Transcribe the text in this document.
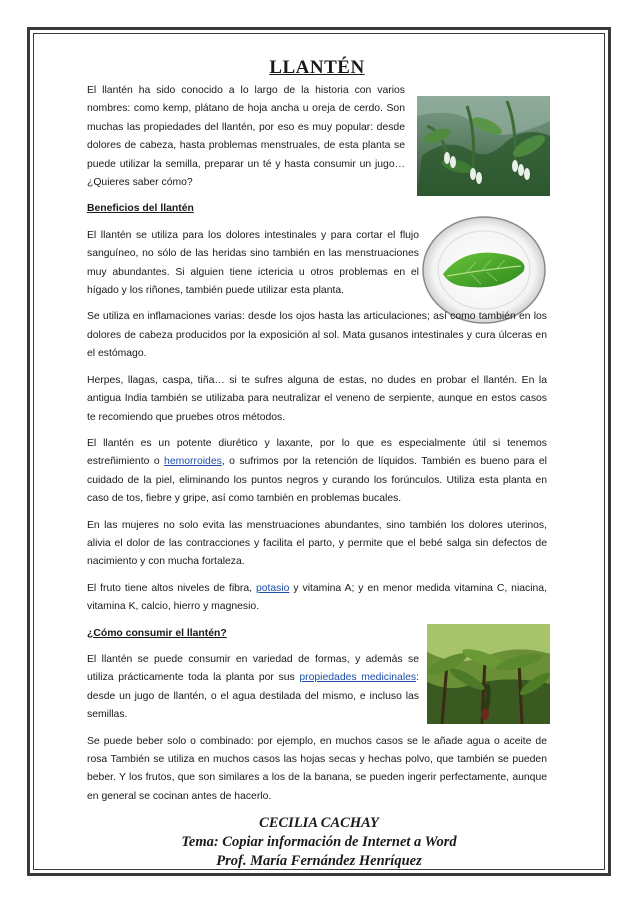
LLANTÉN

El llantén ha sido conocido a lo largo de la historia con varios nombres: como kemp, plátano de hoja ancha u oreja de cerdo. Son muchas las propiedades del llantén, por eso es muy popular: desde dolores de cabeza, hasta problemas menstruales, de esta planta se puede utilizar la semilla, preparar un té y hasta consumir un jugo… ¿Quieres saber cómo?

Beneficios del llantén

El llantén se utiliza para los dolores intestinales y para cortar el flujo sanguíneo, no sólo de las heridas sino también en las menstruaciones muy abundantes. Si alguien tiene ictericia u otros problemas en el hígado y los riñones, también puede utilizar esta planta.

Se utiliza en inflamaciones varias: desde los ojos hasta las articulaciones; así como también en los dolores de cabeza producidos por la exposición al sol. Mata gusanos intestinales y cura úlceras en el estómago.

Herpes, llagas, caspa, tiña… si te sufres alguna de estas, no dudes en probar el llantén. En la antigua India también se utilizaba para neutralizar el veneno de serpiente, aunque en estos casos te recomiendo que pruebes otros métodos.

El llantén es un potente diurético y laxante, por lo que es especialmente útil si tenemos estreñimiento o hemorroides, o sufrimos por la retención de líquidos. También es bueno para el cuidado de la piel, eliminando los puntos negros y curando los forúnculos. Utiliza esta planta en caso de tos, fiebre y gripe, así como también en problemas bucales.

En las mujeres no solo evita las menstruaciones abundantes, sino también los dolores uterinos, alivia el dolor de las contracciones y facilita el parto, y permite que el bebé salga sin defectos de nacimiento y con mucha fortaleza.

El fruto tiene altos niveles de fibra, potasio y vitamina A; y en menor medida vitamina C, niacina, vitamina K, calcio, hierro y magnesio.

¿Cómo consumir el llantén?

El llantén se puede consumir en variedad de formas, y además se utiliza prácticamente toda la planta por sus propiedades medicinales: desde un jugo de llantén, o el agua destilada del mismo, e incluso las semillas.

Se puede beber solo o combinado: por ejemplo, en muchos casos se le añade agua o aceite de rosa También se utiliza en muchos casos las hojas secas y hechas polvo, que también se pueden beber. Y los frutos, que son similares a los de la banana, se pueden ingerir perfectamente, aunque en general se cocinan antes de hacerlo.

CECILIA CACHAY
Tema: Copiar información de Internet a Word
Prof. María Fernández Henríquez
